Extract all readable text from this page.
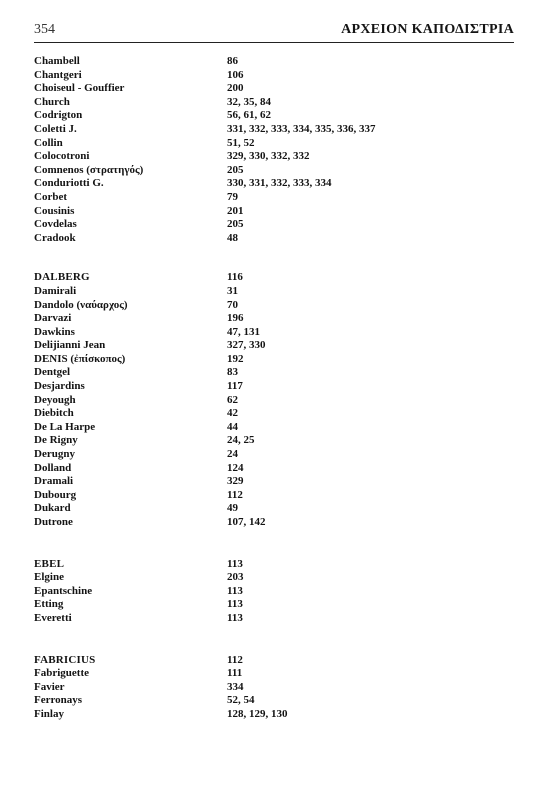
354	ΑΡΧΕΙΟΝ ΚΑΠΟΔΙΣΤΡΙΑ
Chambell	86
Chantgeri	106
Choiseul - Gouffier	200
Church	32, 35, 84
Codrigton	56, 61, 62
Coletti J.	331, 332, 333, 334, 335, 336, 337
Collin	51, 52
Colocotroni	329, 330, 332, 332
Comnenos (στρατηγός)	205
Conduriotti G.	330, 331, 332, 333, 334
Corbet	79
Cousinis	201
Covdelas	205
Cradook	48
DALBERG	116
Damirali	31
Dandolo (ναύαρχος)	70
Darvazi	196
Dawkins	47, 131
Delijianni Jean	327, 330
DENIS (ἐπίσκοπος)	192
Dentgel	83
Desjardins	117
Deyough	62
Diebitch	42
De La Harpe	44
De Rigny	24, 25
Derugny	24
Dolland	124
Dramali	329
Dubourg	112
Dukard	49
Dutrone	107, 142
EBEL	113
Elgine	203
Epantschine	113
Etting	113
Everetti	113
FABRICIUS	112
Fabriguette	111
Favier	334
Ferronays	52, 54
Finlay	128, 129, 130
